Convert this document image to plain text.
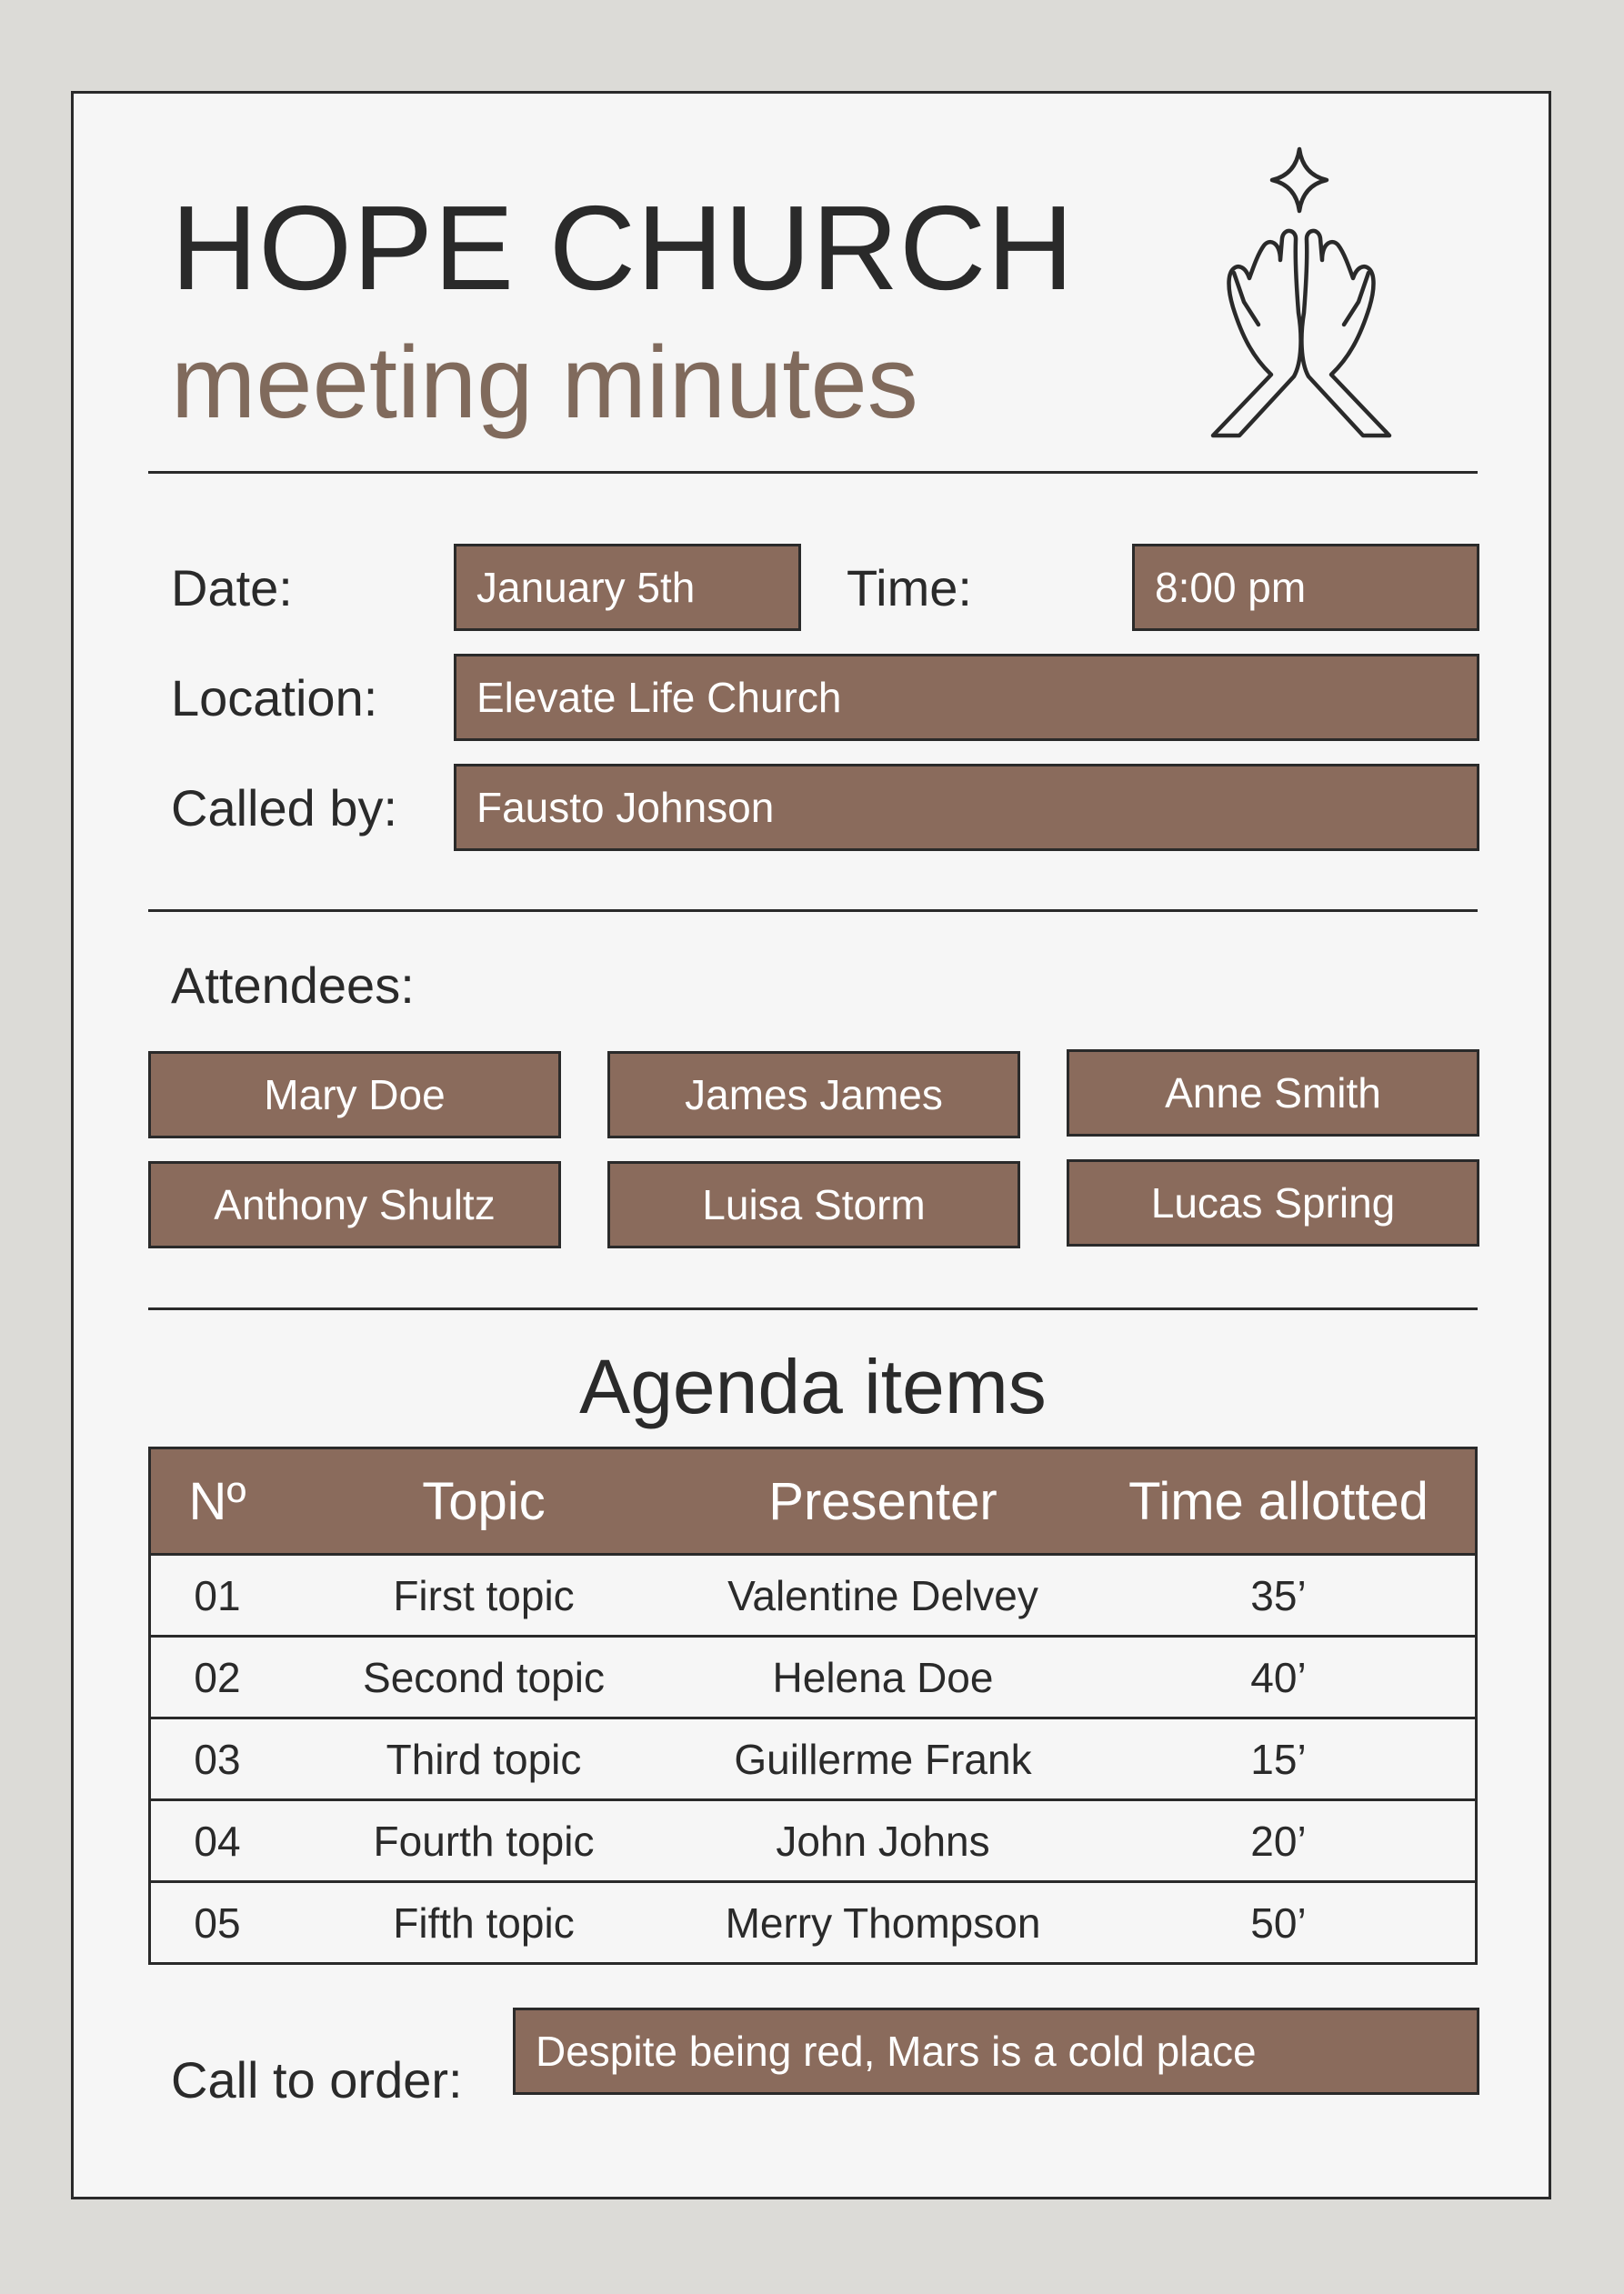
HOPE CHURCH
meeting minutes
Date:	January 5th	Time:	8:00 pm
Location:	Elevate Life Church
Called by:	Fausto Johnson
Attendees:
Mary Doe	James James	Anne Smith
Anthony Shultz	Luisa Storm	Lucas Spring
Agenda items
Nº	Topic	Presenter	Time allotted
01	First topic	Valentine Delvey	35’
02	Second topic	Helena Doe	40’
03	Third topic	Guillerme Frank	15’
04	Fourth topic	John Johns	20’
05	Fifth topic	Merry Thompson	50’
Call to order:	Despite being red, Mars is a cold place
